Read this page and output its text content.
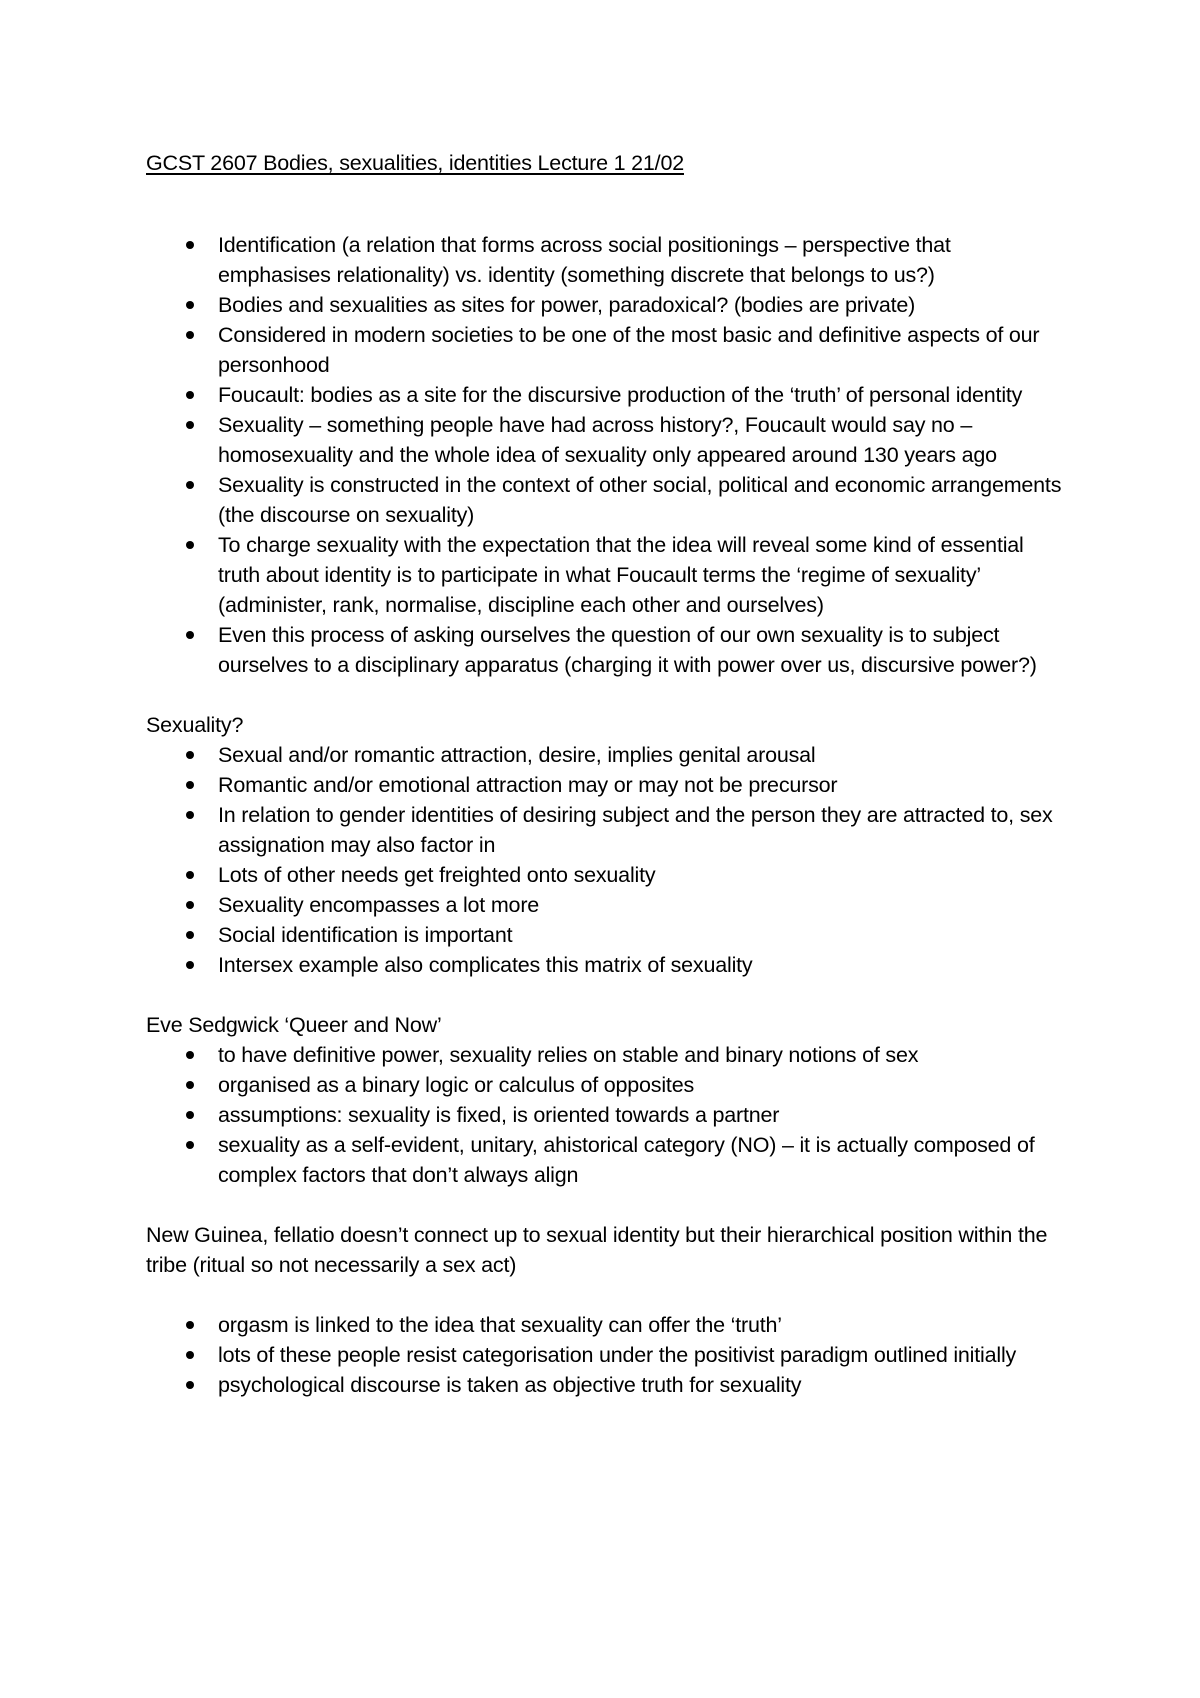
GCST 2607 Bodies, sexualities, identities Lecture 1 21/02

Identification (a relation that forms across social positionings – perspective that emphasises relationality) vs. identity (something discrete that belongs to us?)
Bodies and sexualities as sites for power, paradoxical? (bodies are private)
Considered in modern societies to be one of the most basic and definitive aspects of our personhood
Foucault: bodies as a site for the discursive production of the ‘truth’ of personal identity
Sexuality – something people have had across history?, Foucault would say no – homosexuality and the whole idea of sexuality only appeared around 130 years ago
Sexuality is constructed in the context of other social, political and economic arrangements (the discourse on sexuality)
To charge sexuality with the expectation that the idea will reveal some kind of essential truth about identity is to participate in what Foucault terms the ‘regime of sexuality’ (administer, rank, normalise, discipline each other and ourselves)
Even this process of asking ourselves the question of our own sexuality is to subject ourselves to a disciplinary apparatus (charging it with power over us, discursive power?)

Sexuality?

Sexual and/or romantic attraction, desire, implies genital arousal
Romantic and/or emotional attraction may or may not be precursor
In relation to gender identities of desiring subject and the person they are attracted to, sex assignation may also factor in
Lots of other needs get freighted onto sexuality
Sexuality encompasses a lot more
Social identification is important
Intersex example also complicates this matrix of sexuality

Eve Sedgwick ‘Queer and Now’

to have definitive power, sexuality relies on stable and binary notions of sex
organised as a binary logic or calculus of opposites
assumptions: sexuality is fixed, is oriented towards a partner
sexuality as a self-evident, unitary, ahistorical category (NO) – it is actually composed of complex factors that don’t always align

New Guinea, fellatio doesn’t connect up to sexual identity but their hierarchical position within the tribe (ritual so not necessarily a sex act)

orgasm is linked to the idea that sexuality can offer the ‘truth’
lots of these people resist categorisation under the positivist paradigm outlined initially
psychological discourse is taken as objective truth for sexuality
